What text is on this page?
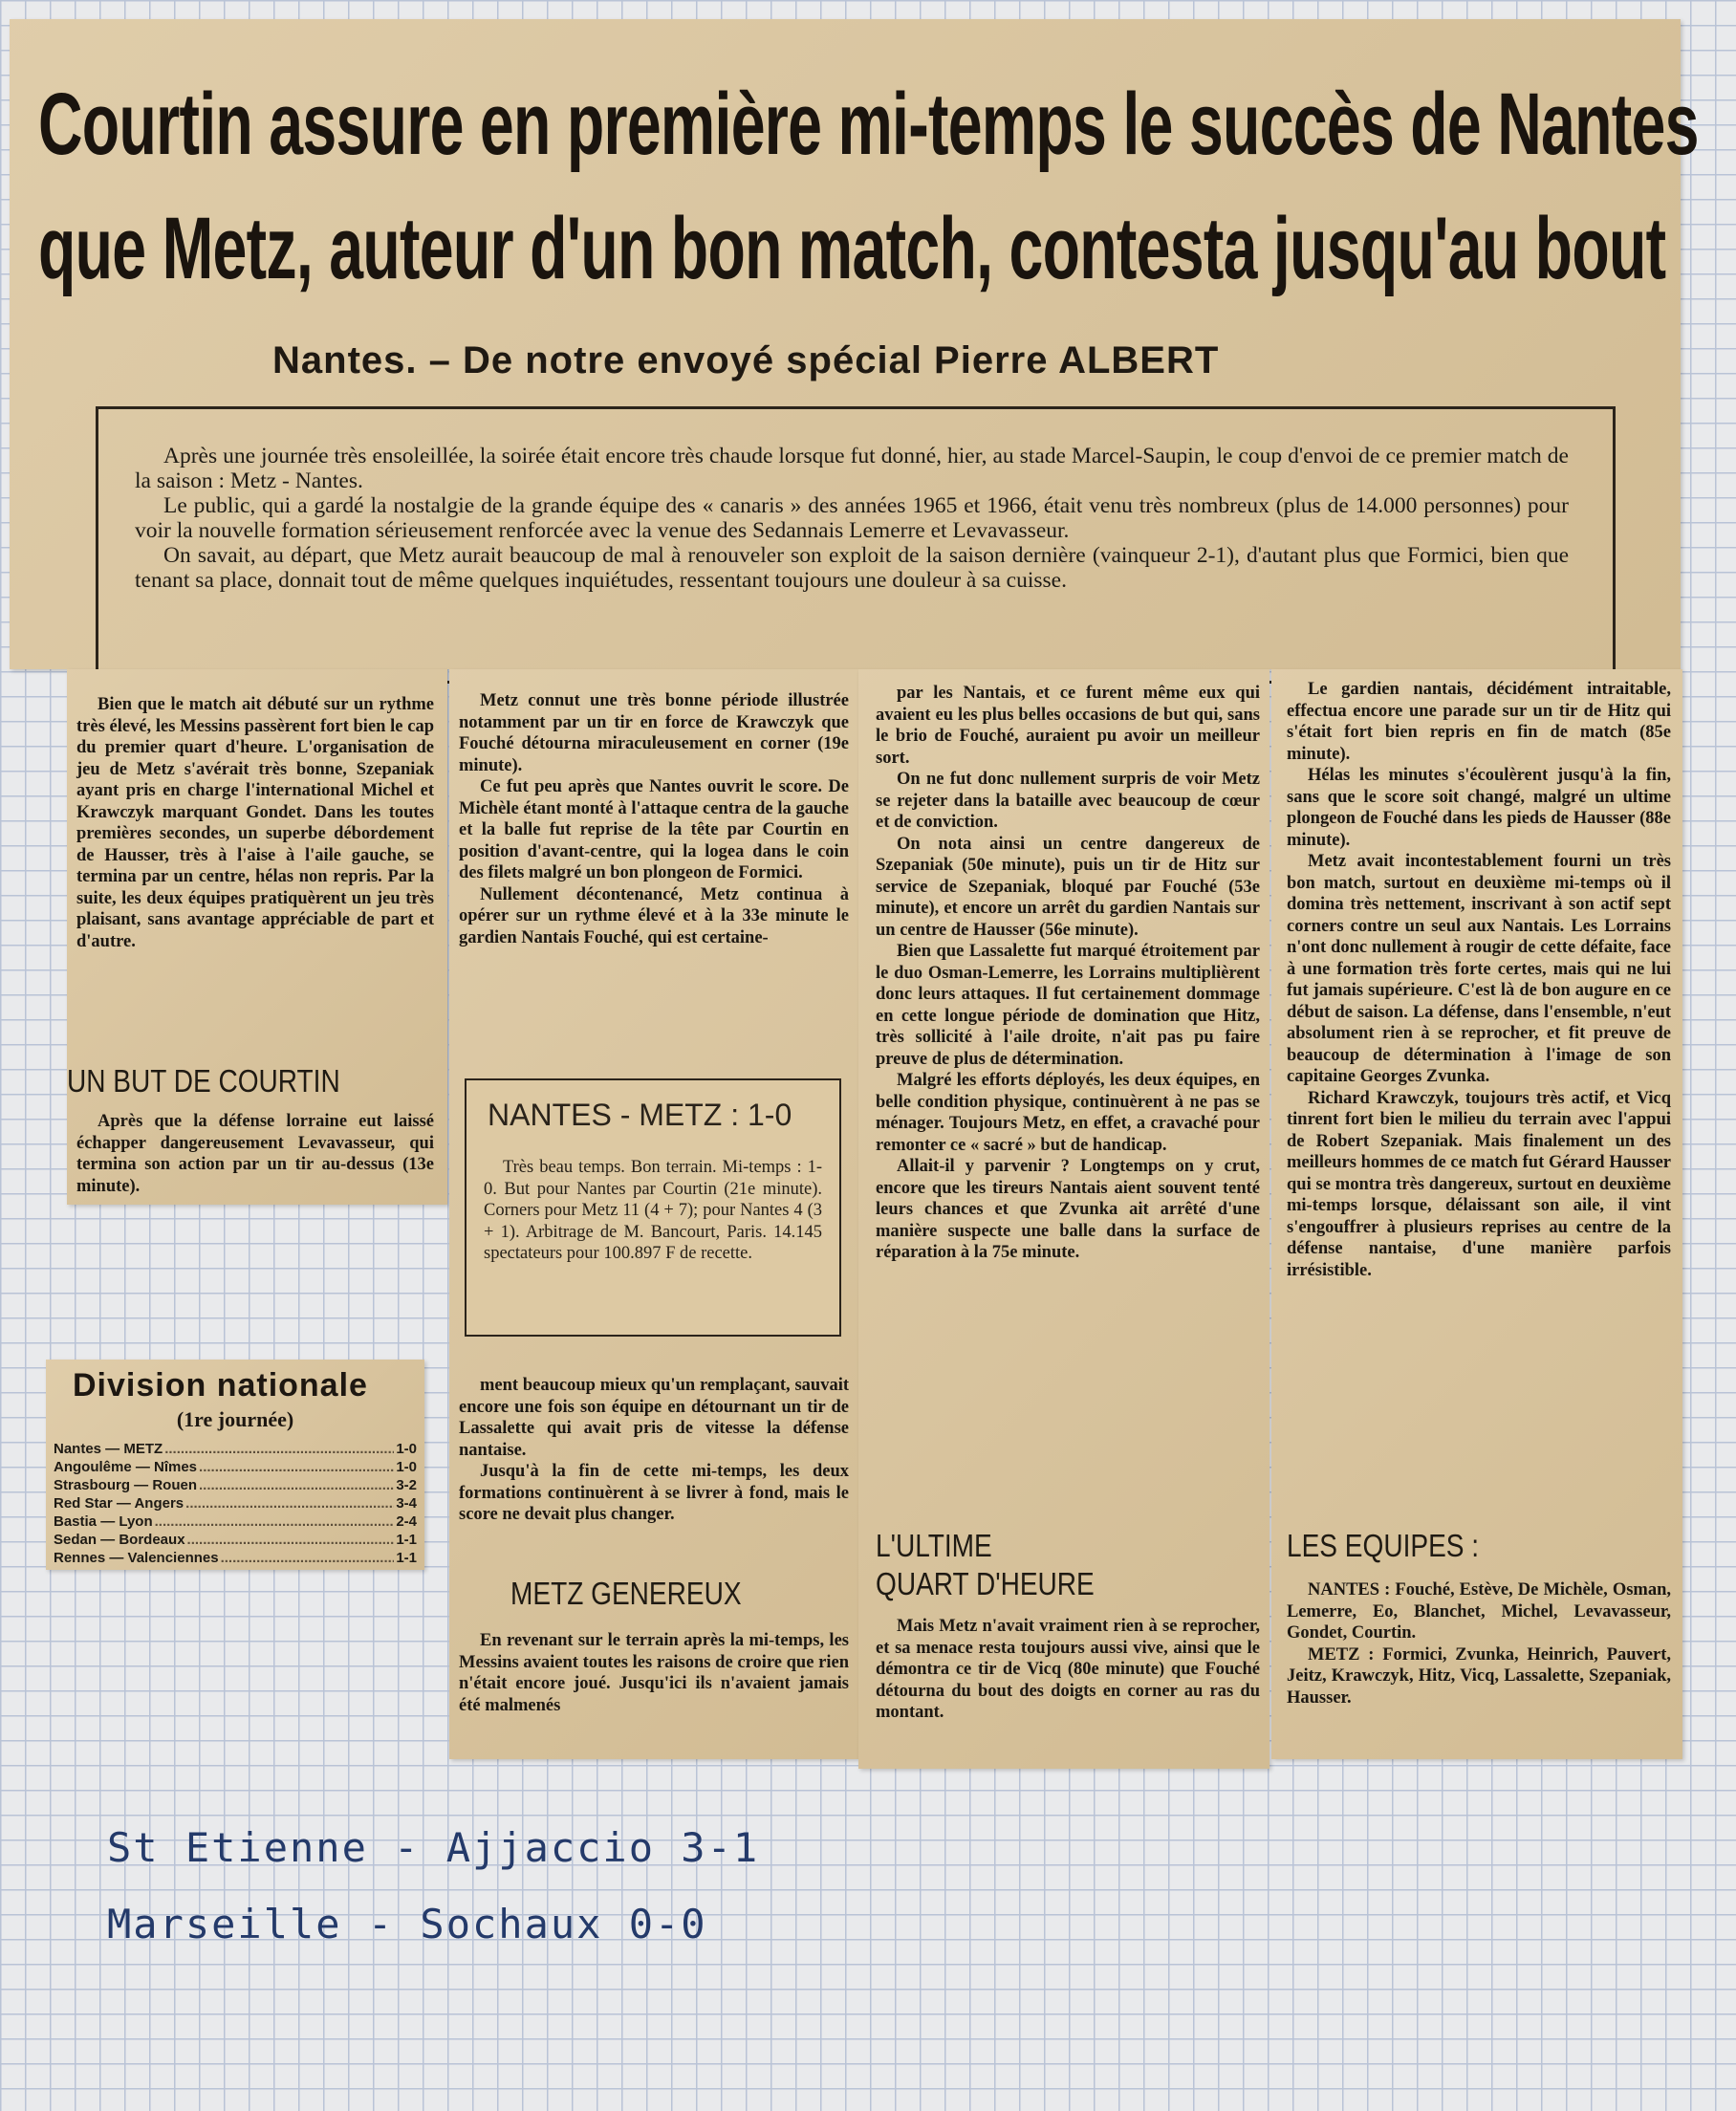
Courtin assure en première mi-temps le succès de Nantes
que Metz, auteur d'un bon match, contesta jusqu'au bout
Nantes. – De notre envoyé spécial Pierre ALBERT

Après une journée très ensoleillée, la soirée était encore très chaude lorsque fut donné, hier, au stade Marcel-Saupin, le coup d'envoi de ce premier match de la saison : Metz - Nantes.

Le public, qui a gardé la nostalgie de la grande équipe des « canaris » des années 1965 et 1966, était venu très nombreux (plus de 14.000 personnes) pour voir la nouvelle formation sérieusement renforcée avec la venue des Sedannais Lemerre et Levavasseur.

On savait, au départ, que Metz aurait beaucoup de mal à renouveler son exploit de la saison dernière (vainqueur 2-1), d'autant plus que Formici, bien que tenant sa place, donnait tout de même quelques inquiétudes, ressentant toujours une douleur à sa cuisse.

Bien que le match ait débuté sur un rythme très élevé, les Messins passèrent fort bien le cap du premier quart d'heure. L'organisation de jeu de Metz s'avérait très bonne, Szepaniak ayant pris en charge l'international Michel et Krawczyk marquant Gondet. Dans les toutes premières secondes, un superbe débordement de Hausser, très à l'aise à l'aile gauche, se termina par un centre, hélas non repris. Par la suite, les deux équipes pratiquèrent un jeu très plaisant, sans avantage appréciable de part et d'autre.

UN BUT DE COURTIN

Après que la défense lorraine eut laissé échapper dangereusement Levavasseur, qui termina son action par un tir au-dessus (13e minute).

Metz connut une très bonne période illustrée notamment par un tir en force de Krawczyk que Fouché détourna miraculeusement en corner (19e minute).

Ce fut peu après que Nantes ouvrit le score. De Michèle étant monté à l'attaque centra de la gauche et la balle fut reprise de la tête par Courtin en position d'avant-centre, qui la logea dans le coin des filets malgré un bon plongeon de Formici.

Nullement décontenancé, Metz continua à opérer sur un rythme élevé et à la 33e minute le gardien Nantais Fouché, qui est certaine-

ment beaucoup mieux qu'un remplaçant, sauvait encore une fois son équipe en détournant un tir de Lassalette qui avait pris de vitesse la défense nantaise.

Jusqu'à la fin de cette mi-temps, les deux formations continuèrent à se livrer à fond, mais le score ne devait plus changer.

METZ GENEREUX

En revenant sur le terrain après la mi-temps, les Messins avaient toutes les raisons de croire que rien n'était encore joué. Jusqu'ici ils n'avaient jamais été malmenés

NANTES - METZ : 1-0

Très beau temps. Bon terrain. Mi-temps : 1-0. But pour Nantes par Courtin (21e minute). Corners pour Metz 11 (4 + 7); pour Nantes 4 (3 + 1). Arbitrage de M. Bancourt, Paris. 14.145 spectateurs pour 100.897 F de recette.

par les Nantais, et ce furent même eux qui avaient eu les plus belles occasions de but qui, sans le brio de Fouché, auraient pu avoir un meilleur sort.

On ne fut donc nullement surpris de voir Metz se rejeter dans la bataille avec beaucoup de cœur et de conviction.

On nota ainsi un centre dangereux de Szepaniak (50e minute), puis un tir de Hitz sur service de Szepaniak, bloqué par Fouché (53e minute), et encore un arrêt du gardien Nantais sur un centre de Hausser (56e minute).

Bien que Lassalette fut marqué étroitement par le duo Osman-Lemerre, les Lorrains multiplièrent donc leurs attaques. Il fut certainement dommage en cette longue période de domination que Hitz, très sollicité à l'aile droite, n'ait pas pu faire preuve de plus de détermination.

Malgré les efforts déployés, les deux équipes, en belle condition physique, continuèrent à ne pas se ménager. Toujours Metz, en effet, a cravaché pour remonter ce « sacré » but de handicap.

Allait-il y parvenir ? Longtemps on y crut, encore que les tireurs Nantais aient souvent tenté leurs chances et que Zvunka ait arrêté d'une manière suspecte une balle dans la surface de réparation à la 75e minute.

L'ULTIME
QUART D'HEURE

Mais Metz n'avait vraiment rien à se reprocher, et sa menace resta toujours aussi vive, ainsi que le démontra ce tir de Vicq (80e minute) que Fouché détourna du bout des doigts en corner au ras du montant.

Le gardien nantais, décidément intraitable, effectua encore une parade sur un tir de Hitz qui s'était fort bien repris en fin de match (85e minute).

Hélas les minutes s'écoulèrent jusqu'à la fin, sans que le score soit changé, malgré un ultime plongeon de Fouché dans les pieds de Hausser (88e minute).

Metz avait incontestablement fourni un très bon match, surtout en deuxième mi-temps où il domina très nettement, inscrivant à son actif sept corners contre un seul aux Nantais. Les Lorrains n'ont donc nullement à rougir de cette défaite, face à une formation très forte certes, mais qui ne lui fut jamais supérieure. C'est là de bon augure en ce début de saison. La défense, dans l'ensemble, n'eut absolument rien à se reprocher, et fit preuve de beaucoup de détermination à l'image de son capitaine Georges Zvunka.

Richard Krawczyk, toujours très actif, et Vicq tinrent fort bien le milieu du terrain avec l'appui de Robert Szepaniak. Mais finalement un des meilleurs hommes de ce match fut Gérard Hausser qui se montra très dangereux, surtout en deuxième mi-temps lorsque, délaissant son aile, il vint s'engouffrer à plusieurs reprises au centre de la défense nantaise, d'une manière parfois irrésistible.

LES EQUIPES :

NANTES : Fouché, Estève, De Michèle, Osman, Lemerre, Eo, Blanchet, Michel, Levavasseur, Gondet, Courtin.

METZ : Formici, Zvunka, Heinrich, Pauvert, Jeitz, Krawczyk, Hitz, Vicq, Lassalette, Szepaniak, Hausser.

Division nationale
(1re journée)
Nantes — METZ .....	1-0
Angoulême — Nîmes .....	1-0
Strasbourg — Rouen .....	3-2
Red Star — Angers .....	3-4
Bastia — Lyon .....	2-4
Sedan — Bordeaux .....	1-1
Rennes — Valenciennes .....	1-1
St Etienne - Ajjaccio 3-1
Marseille - Sochaux 0-0
